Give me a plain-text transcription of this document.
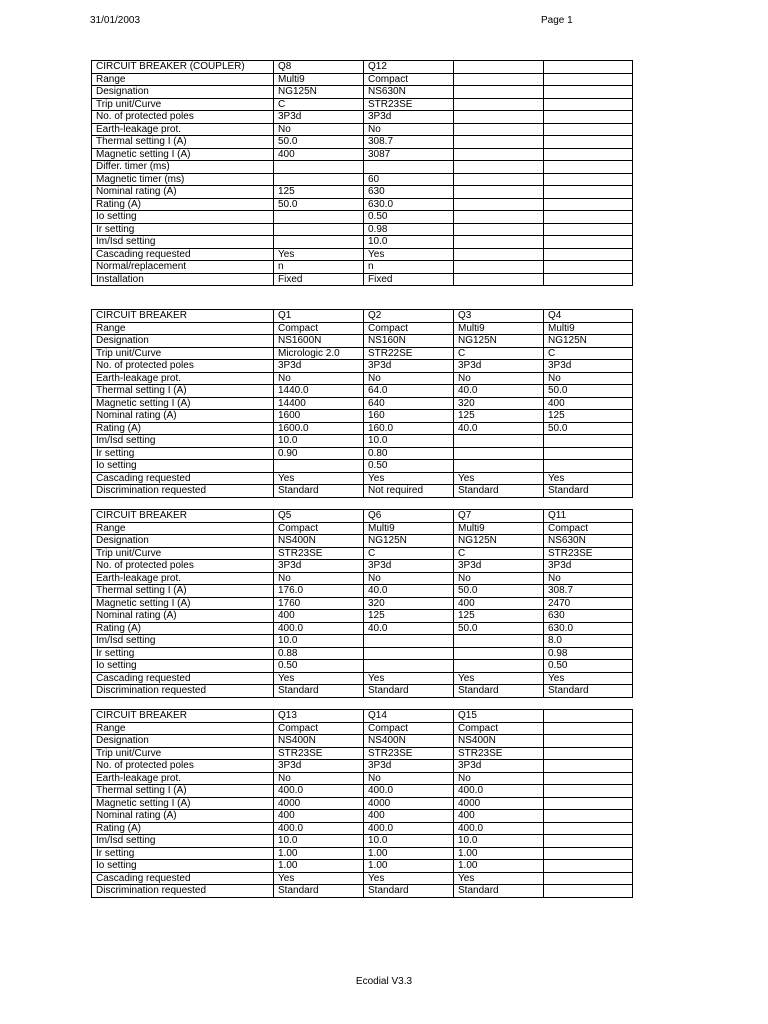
31/01/2003	Page 1
CIRCUIT BREAKER (COUPLER)	Q8	Q12		
Range	Multi9	Compact		
Designation	NG125N	NS630N		
Trip unit/Curve	C	STR23SE		
No. of protected poles	3P3d	3P3d		
Earth-leakage prot.	No	No		
Thermal setting I (A)	50.0	308.7		
Magnetic setting I (A)	400	3087		
Differ. timer (ms)				
Magnetic timer (ms)		60		
Nominal rating (A)	125	630		
Rating (A)	50.0	630.0		
Io setting		0.50		
Ir setting		0.98		
Im/Isd setting		10.0		
Cascading requested	Yes	Yes		
Normal/replacement	n	n		
Installation	Fixed	Fixed		
CIRCUIT BREAKER	Q1	Q2	Q3	Q4
Range	Compact	Compact	Multi9	Multi9
Designation	NS1600N	NS160N	NG125N	NG125N
Trip unit/Curve	Micrologic 2.0	STR22SE	C	C
No. of protected poles	3P3d	3P3d	3P3d	3P3d
Earth-leakage prot.	No	No	No	No
Thermal setting I (A)	1440.0	64.0	40.0	50.0
Magnetic setting I (A)	14400	640	320	400
Nominal rating (A)	1600	160	125	125
Rating (A)	1600.0	160.0	40.0	50.0
Im/Isd setting	10.0	10.0		
Ir setting	0.90	0.80		
Io setting		0.50		
Cascading requested	Yes	Yes	Yes	Yes
Discrimination requested	Standard	Not required	Standard	Standard
CIRCUIT BREAKER	Q5	Q6	Q7	Q11
Range	Compact	Multi9	Multi9	Compact
Designation	NS400N	NG125N	NG125N	NS630N
Trip unit/Curve	STR23SE	C	C	STR23SE
No. of protected poles	3P3d	3P3d	3P3d	3P3d
Earth-leakage prot.	No	No	No	No
Thermal setting I (A)	176.0	40.0	50.0	308.7
Magnetic setting I (A)	1760	320	400	2470
Nominal rating (A)	400	125	125	630
Rating (A)	400.0	40.0	50.0	630.0
Im/Isd setting	10.0			8.0
Ir setting	0.88			0.98
Io setting	0.50			0.50
Cascading requested	Yes	Yes	Yes	Yes
Discrimination requested	Standard	Standard	Standard	Standard
CIRCUIT BREAKER	Q13	Q14	Q15	
Range	Compact	Compact	Compact	
Designation	NS400N	NS400N	NS400N	
Trip unit/Curve	STR23SE	STR23SE	STR23SE	
No. of protected poles	3P3d	3P3d	3P3d	
Earth-leakage prot.	No	No	No	
Thermal setting I (A)	400.0	400.0	400.0	
Magnetic setting I (A)	4000	4000	4000	
Nominal rating (A)	400	400	400	
Rating (A)	400.0	400.0	400.0	
Im/Isd setting	10.0	10.0	10.0	
Ir setting	1.00	1.00	1.00	
Io setting	1.00	1.00	1.00	
Cascading requested	Yes	Yes	Yes	
Discrimination requested	Standard	Standard	Standard	
Ecodial V3.3
